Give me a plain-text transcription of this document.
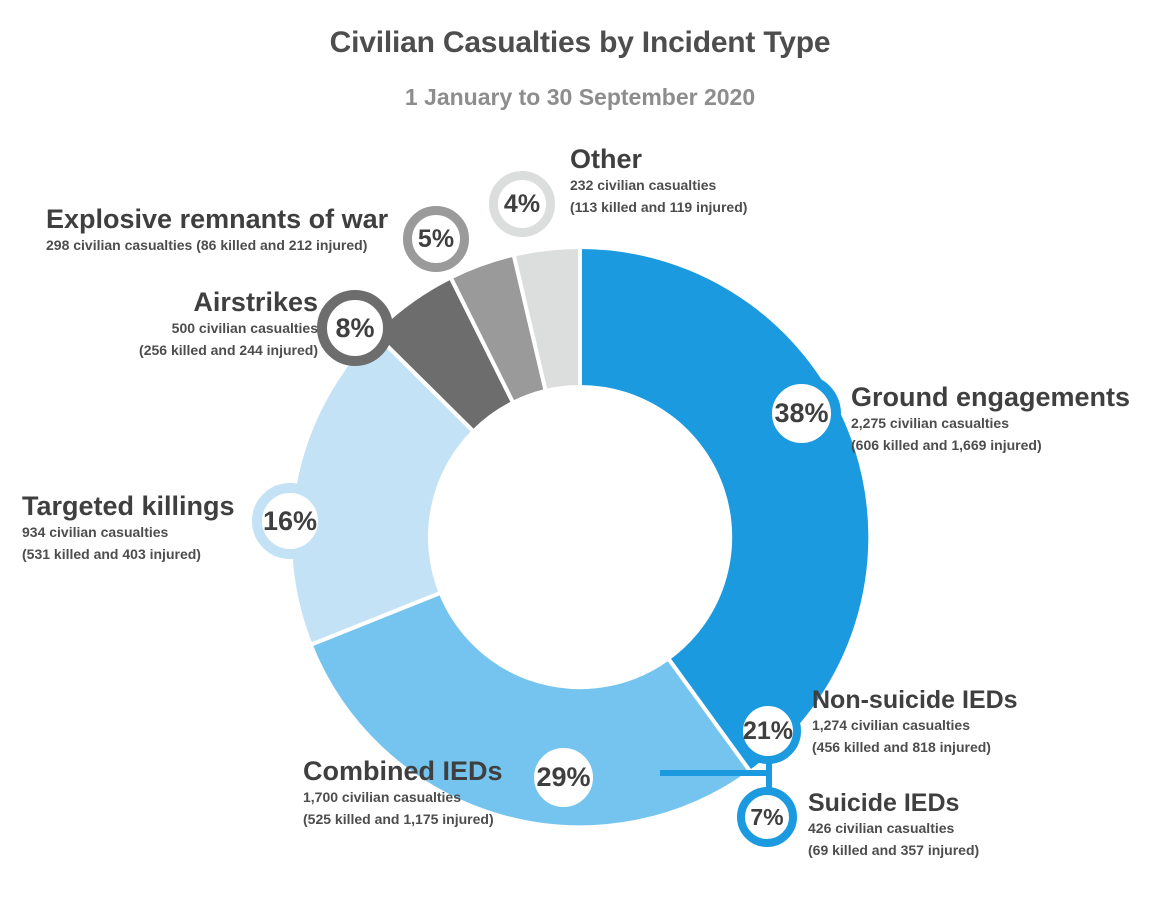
Civilian Casualties by Incident Type
1 January to 30 September 2020
4%
5%
8%
38%
16%
29%
21%
7%
Other
232 civilian casualties
(113 killed and 119 injured)
Explosive remnants of war
298 civilian casualties (86 killed and 212 injured)
Airstrikes
500 civilian casualties
(256 killed and 244 injured)
Ground engagements
2,275 civilian casualties
(606 killed and 1,669 injured)
Targeted killings
934 civilian casualties
(531 killed and 403 injured)
Combined IEDs
1,700 civilian casualties
(525 killed and 1,175 injured)
Non-suicide IEDs
1,274 civilian casualties
(456 killed and 818 injured)
Suicide IEDs
426 civilian casualties
(69 killed and 357 injured)
